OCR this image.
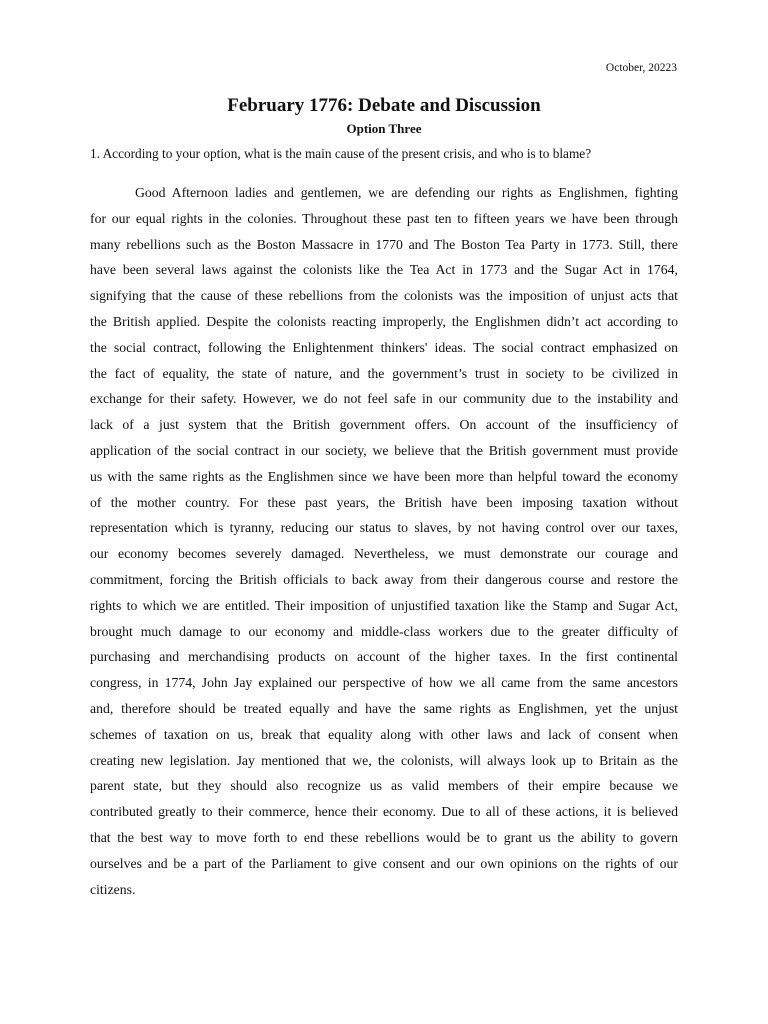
October, 20223
February 1776: Debate and Discussion
Option Three
1. According to your option, what is the main cause of the present crisis, and who is to blame?
Good Afternoon ladies and gentlemen, we are defending our rights as Englishmen, fighting
for our equal rights in the colonies. Throughout these past ten to fifteen years we have been through
many rebellions such as the Boston Massacre in 1770 and The Boston Tea Party in 1773. Still, there
have been several laws against the colonists like the Tea Act in 1773 and the Sugar Act in 1764,
signifying that the cause of these rebellions from the colonists was the imposition of unjust acts that
the British applied. Despite the colonists reacting improperly, the Englishmen didn’t act according to
the social contract, following the Enlightenment thinkers' ideas. The social contract emphasized on
the fact of equality, the state of nature, and the government’s trust in society to be civilized in
exchange for their safety. However, we do not feel safe in our community due to the instability and
lack of a just system that the British government offers. On account of the insufficiency of
application of the social contract in our society, we believe that the British government must provide
us with the same rights as the Englishmen since we have been more than helpful toward the economy
of the mother country. For these past years, the British have been imposing taxation without
representation which is tyranny, reducing our status to slaves, by not having control over our taxes,
our economy becomes severely damaged. Nevertheless, we must demonstrate our courage and
commitment, forcing the British officials to back away from their dangerous course and restore the
rights to which we are entitled. Their imposition of unjustified taxation like the Stamp and Sugar Act,
brought much damage to our economy and middle-class workers due to the greater difficulty of
purchasing and merchandising products on account of the higher taxes. In the first continental
congress, in 1774, John Jay explained our perspective of how we all came from the same ancestors
and, therefore should be treated equally and have the same rights as Englishmen, yet the unjust
schemes of taxation on us, break that equality along with other laws and lack of consent when
creating new legislation. Jay mentioned that we, the colonists, will always look up to Britain as the
parent state, but they should also recognize us as valid members of their empire because we
contributed greatly to their commerce, hence their economy. Due to all of these actions, it is believed
that the best way to move forth to end these rebellions would be to grant us the ability to govern
ourselves and be a part of the Parliament to give consent and our own opinions on the rights of our
citizens.
